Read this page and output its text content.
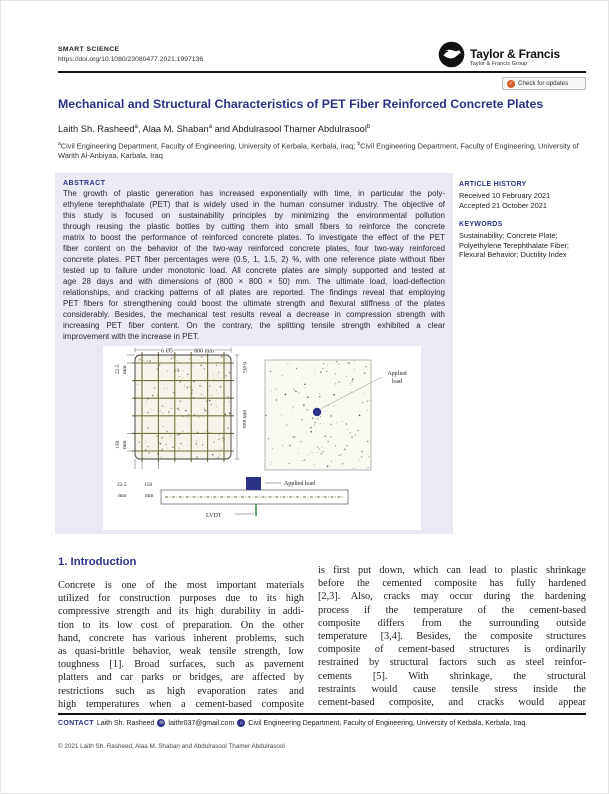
SMART SCIENCE
https://doi.org/10.1080/23080477.2021.1997136	Taylor & Francis
Taylor & Francis Group
✓ Check for updates
Mechanical and Structural Characteristics of PET Fiber Reinforced Concrete Plates
Laith Sh. Rasheed$^a$, Alaa M. Shaban$^a$ and Abdulrasool Thamer Abdulrasool$^b$
$^a$Civil Engineering Department, Faculty of Engineering, University of Kerbala, Kerbala, Iraq; $^b$Civil Engineering Department, Faculty of Engineering, University of Warith Al-Anbiyaa, Karbala, Iraq
ABSTRACT
The growth of plastic generation has increased exponentially with time, in particular the poly-
ethylene terephthalate (PET) that is widely used in the human consumer industry. The objective of
this study is focused on sustainability principles by minimizing the environmental pollution
through reusing the plastic bottles by cutting them into small fibers to reinforce the concrete
matrix to boost the performance of reinforced concrete plates. To investigate the effect of the PET
fiber content on the behavior of the two-way reinforced concrete plates, four two-way reinforced
concrete plates. PET fiber percentages were (0.5, 1, 1.5, 2) %, with one reference plate without fiber
tested up to failure under monotonic load. All concrete plates are simply supported and tested at
age 28 days and with dimensions of (800 × 800 × 50) mm. The ultimate load, load-deflection
relationships, and cracking patterns of all plates are reported. The findings reveal that employing
PET fibers for strengthening could boost the ultimate strength and flexural stiffness of the plates
considerably. Besides, the mechanical test results reveal a decrease in compression strength with
increasing PET fiber content. On the contrary, the splitting tensile strength exhibited a clear
improvement with the increase in PET.
ARTICLE HISTORY
Received 10 February 2021
Accepted 21 October 2021
KEYWORDS
Sustainability; Concrete Plate; Polyethylene Terephthalate Fiber; Flexural Behavior; Ductility Index
6 Ø5	800 mm
22.5 mm
150 mm
6 Ø5
800 mm
22.5
mm
150
mm
Applied
load
Applied load
LVDT
1. Introduction
Concrete is one of the most important materials
utilized for construction purposes due to its high
compressive strength and its high durability in addi-
tion to its low cost of preparation. On the other
hand, concrete has various inherent problems, such
as quasi-brittle behavior, weak tensile strength, low
toughness [1]. Broad surfaces, such as pavement
platters and car parks or bridges, are affected by
restrictions such as high evaporation rates and
high temperatures when a cement-based composite
is first put down, which can lead to plastic shrinkage
before the cemented composite has fully hardened
[2,3]. Also, cracks may occur during the hardening
process if the temperature of the cement-based
composite differs from the surrounding outside
temperature [3,4]. Besides, the composite structures
composite of cement-based structures is ordinarily
restrained by structural factors such as steel reinfor-
cements [5]. With shrinkage, the structural
restraints would cause tensile stress inside the
cement-based composite, and cracks would appear
CONTACT Laith Sh. Rasheed ✉ laithr037@gmail.com	⌂ Civil Engineering Department, Faculty of Engineering, University of Kerbala, Kerbala, Iraq.
© 2021 Laith Sh. Rasheed, Alaa M. Shaban and Abdulrasool Thamer Abdulrasool
